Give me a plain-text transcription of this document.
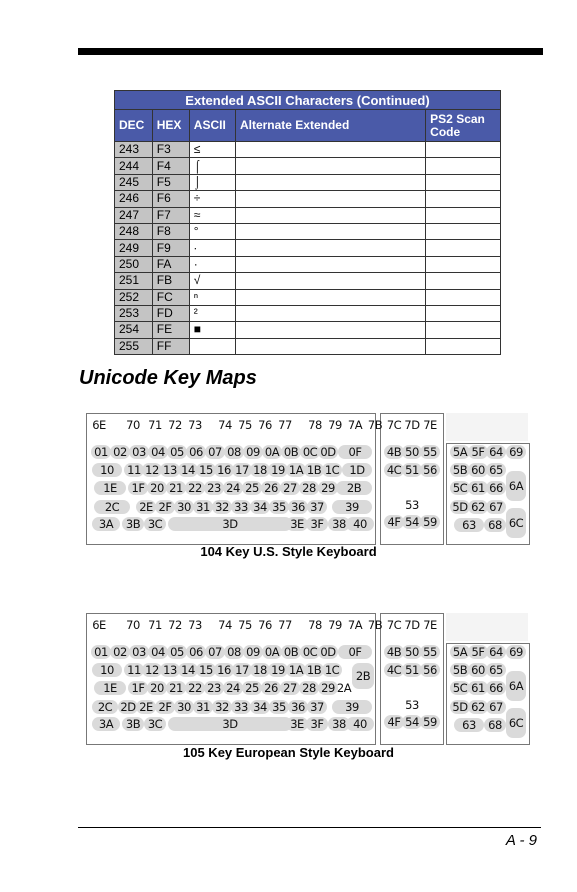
Extended ASCII Characters (Continued)				
DEC	HEX	ASCII	Alternate Extended	PS2 Scan Code
243	F3	≤		
244	F4	⌠		
245	F5	⌡		
246	F6	÷		
247	F7	≈		
248	F8	°		
249	F9	∙		
250	FA	·		
251	FB	√		
252	FC	ⁿ		
253	FD	²		
254	FE	■		
255	FF			
Unicode Key Maps
6E	70 71 72 73	74 75 76 77	78 79 7A 7B
01 02 03 04 05 06 07 08 09 0A 0B 0C 0D	0F
10	11 12 13 14 15 16 17 18 19 1A 1B 1C 1D
1E	1F 20 21 22 23 24 25 26 27 28 29	2B
2C	2E 2F 30 31 32 33 34 35 36 37	39
3A	3B 3C	3D	3E 3F 38 40
7C 7D 7E
4B 50 55
4C 51 56
53
4F 54 59
5A 5F 64 69
5B 60 65
6A
5C 61 66
5D 62 67
6C
63	68
104 Key U.S. Style Keyboard
6E	70 71 72 73	74 75 76 77	78 79 7A 7B
01 02 03 04 05 06 07 08 09 0A 0B 0C 0D	0F
10	11 12 13 14 15 16 17 18 19 1A 1B 1C	2B
1E	1F 20 21 22 23 24 25 26 27 28 29 2A
2C 2D 2E 2F 30 31 32 33 34 35 36 37	39
3A	3B 3C	3D	3E 3F 38 40
7C 7D 7E
4B 50 55
4C 51 56
53
4F 54 59
5A 5F 64 69
5B 60 65
6A
5C 61 66
5D 62 67
6C
63	68
105 Key European Style Keyboard
A - 9
